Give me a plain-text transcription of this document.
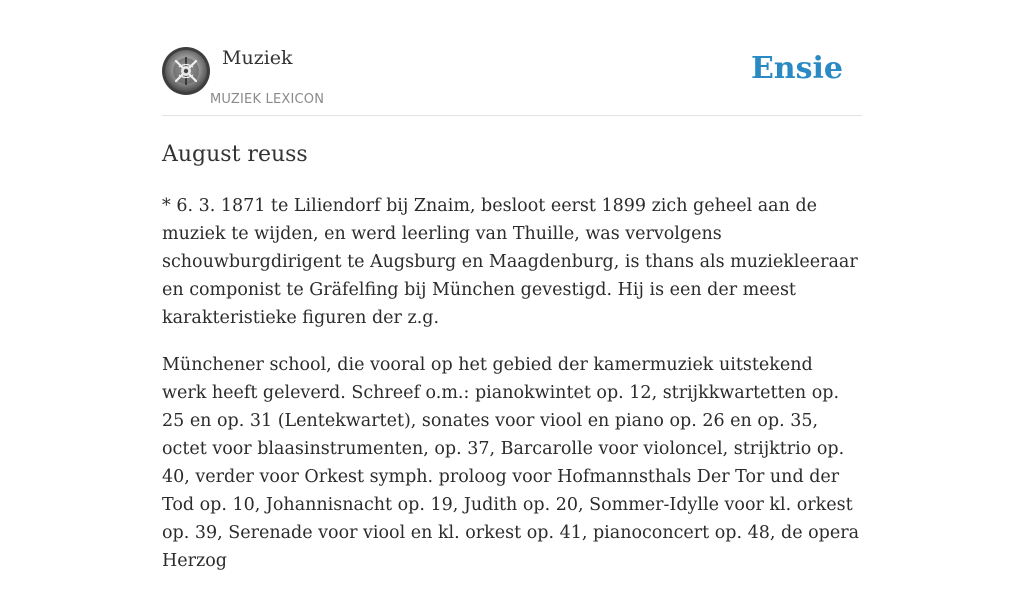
Muziek
MUZIEK LEXICON
Ensie
August reuss

* 6. 3. 1871 te Liliendorf bij Znaim, besloot eerst 1899 zich geheel aan de muziek te wijden, en werd leerling van Thuille, was vervolgens schouwburgdirigent te Augsburg en Maagdenburg, is thans als muziekleeraar en componist te Gräfelfing bij München gevestigd. Hij is een der meest karakteristieke figuren der z.g.

Münchener school, die vooral op het gebied der kamermuziek uitstekend werk heeft geleverd. Schreef o.m.: pianokwintet op. 12, strijkkwartetten op. 25 en op. 31 (Lentekwartet), sonates voor viool en piano op. 26 en op. 35, octet voor blaasinstrumenten, op. 37, Barcarolle voor violoncel, strijktrio op. 40, verder voor Orkest symph. proloog voor Hofmannsthals Der Tor und der Tod op. 10, Johannisnacht op. 19, Judith op. 20, Sommer-Idylle voor kl. orkest op. 39, Serenade voor viool en kl. orkest op. 41, pianoconcert op. 48, de opera Herzog
